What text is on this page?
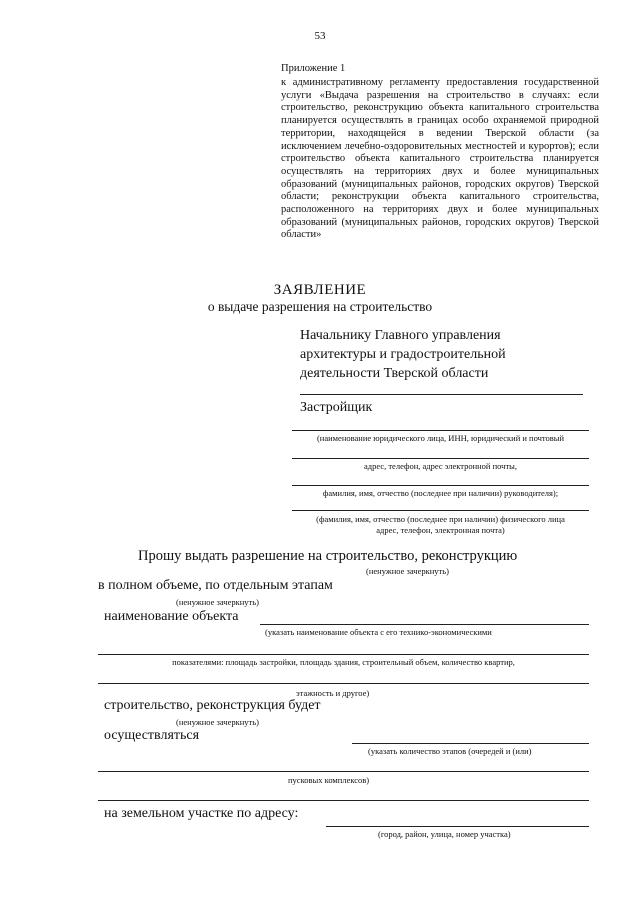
53
Приложение 1
к административному регламенту предоставления государственной услуги «Выдача разрешения на строительство в случаях: если строительство, реконструкцию объекта капитального строительства планируется осуществлять в границах особо охраняемой природной территории, находящейся в ведении Тверской области (за исключением лечебно-оздоровительных местностей и курортов); если строительство объекта капитального строительства планируется осуществлять на территориях двух и более муниципальных образований (муниципальных районов, городских округов) Тверской области; реконструкции объекта капитального строительства, расположенного на территориях двух и более муниципальных образований (муниципальных районов, городских округов) Тверской области»
ЗАЯВЛЕНИЕ
о выдаче разрешения на строительство
Начальнику Главного управления
архитектуры и градостроительной
деятельности Тверской области
Застройщик
(наименование юридического лица, ИНН, юридический и почтовый
адрес, телефон, адрес электронной почты,
фамилия, имя, отчество (последнее при наличии) руководителя);
(фамилия, имя, отчество (последнее при наличии) физического лица
адрес, телефон, электронная почта)
Прошу выдать разрешение на строительство, реконструкцию
(ненужное зачеркнуть)
в полном объеме, по отдельным этапам
(ненужное зачеркнуть)
наименование объекта
(указать наименование объекта с его технико-экономическими
показателями: площадь застройки, площадь здания, строительный объем, количество квартир,
этажность и другое)
строительство, реконструкция будет
(ненужное зачеркнуть)
осуществляться
(указать количество этапов (очередей и (или)
пусковых комплексов)
на земельном участке по адресу:
(город, район, улица, номер участка)
